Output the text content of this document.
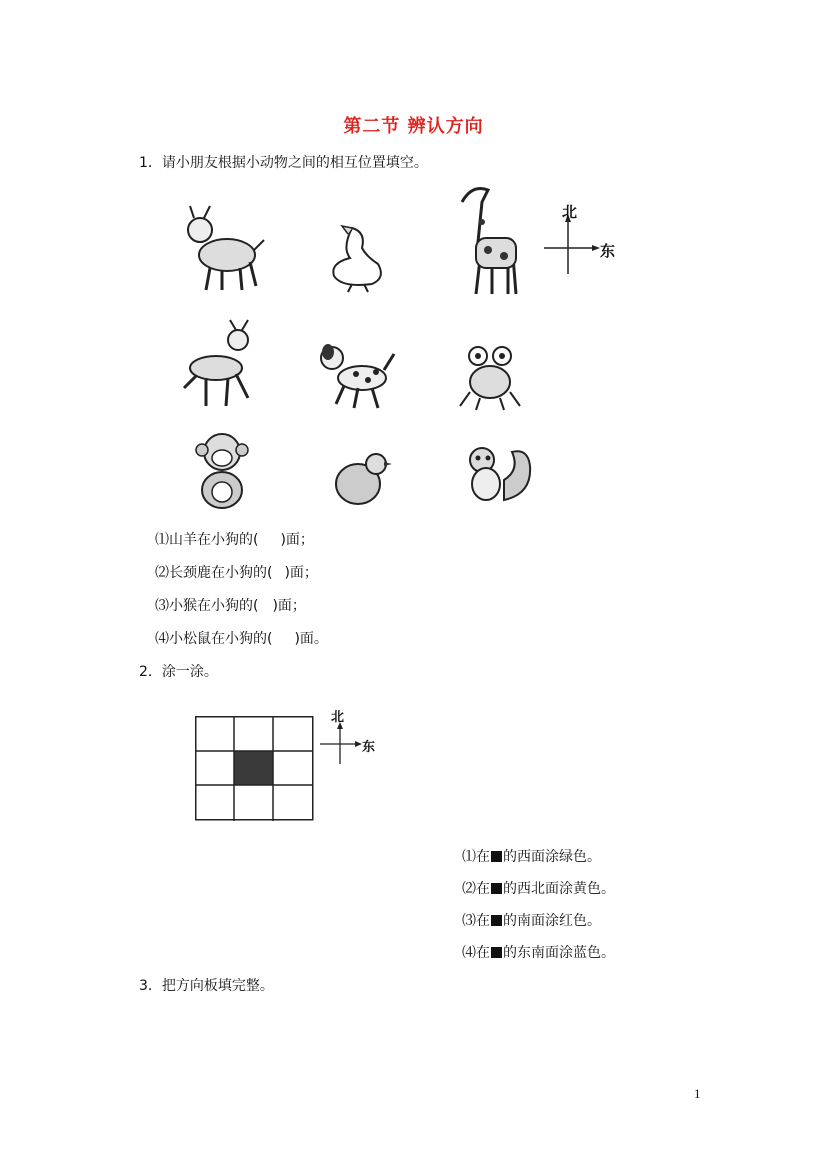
第二节 辨认方向
1．请小朋友根据小动物之间的相互位置填空。
北
东
⑴山羊在小狗的( )面；
⑵长颈鹿在小狗的( )面；
⑶小猴在小狗的( )面；
⑷小松鼠在小狗的( )面。
2．涂一涂。
北
东
⑴在 的西面涂绿色。
⑵在 的西北面涂黄色。
⑶在 的南面涂红色。
⑷在 的东南面涂蓝色。
3．把方向板填完整。
1
